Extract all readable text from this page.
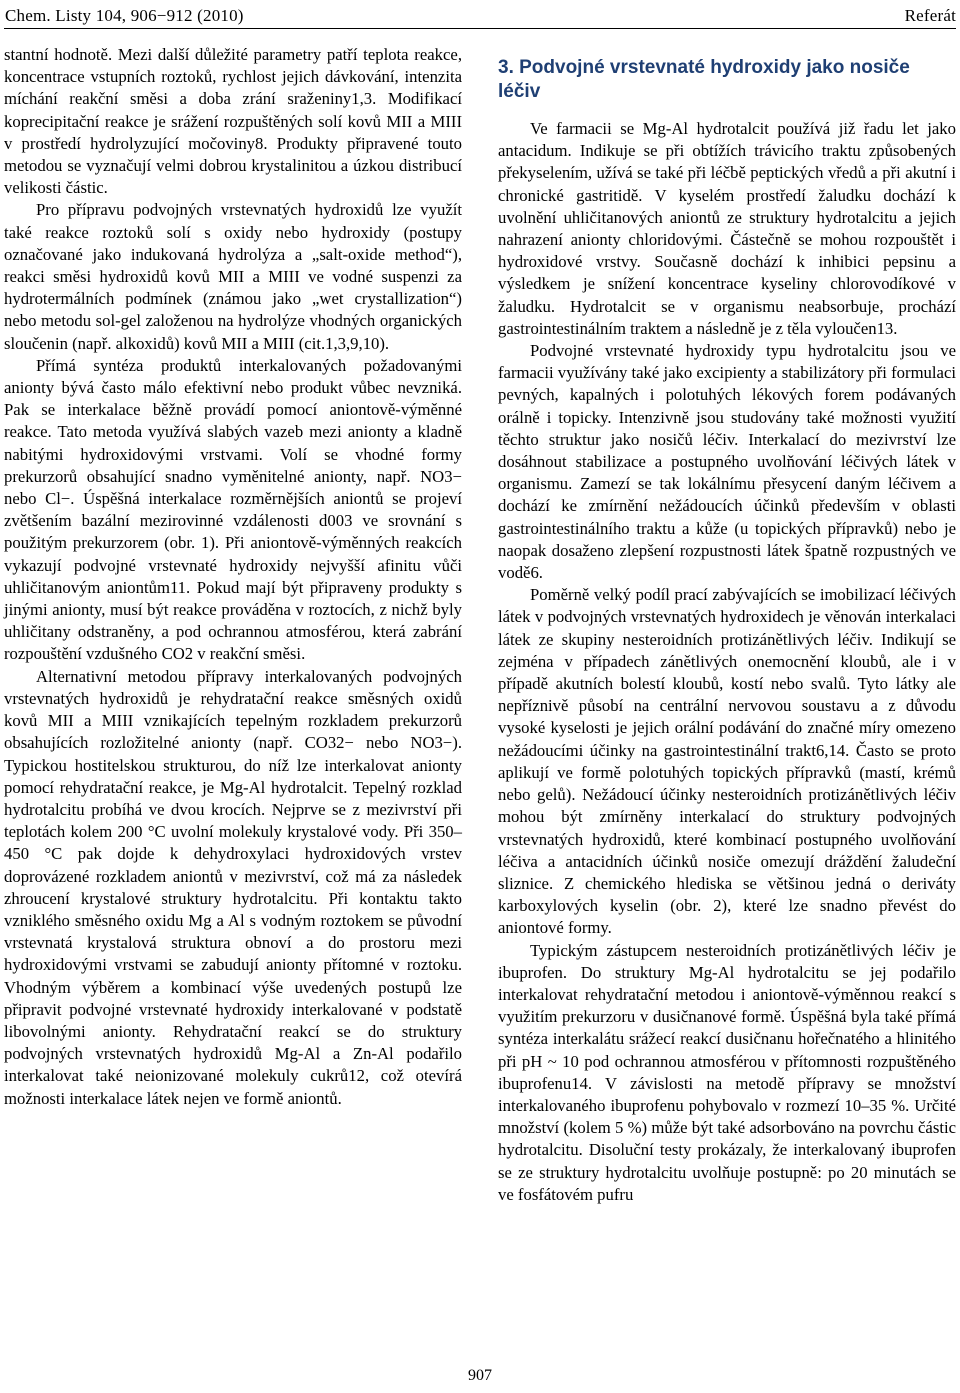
Chem. Listy 104, 906−912 (2010)	Referát

stantní hodnotě. Mezi další důležité parametry patří teplota reakce, koncentrace vstupních roztoků, rychlost jejich dávkování, intenzita míchání reakční směsi a doba zrání sraženiny1,3. Modifikací koprecipitační reakce je srážení rozpuštěných solí kovů MII a MIII v prostředí hydrolyzující močoviny8. Produkty připravené touto metodou se vyznačují velmi dobrou krystalinitou a úzkou distribucí velikosti částic.

Pro přípravu podvojných vrstevnatých hydroxidů lze využít také reakce roztoků solí s oxidy nebo hydroxidy (postupy označované jako indukovaná hydrolýza a „salt-oxide method“), reakci směsi hydroxidů kovů MII a MIII ve vodné suspenzi za hydrotermálních podmínek (známou jako „wet crystallization“) nebo metodu sol-gel založenou na hydrolýze vhodných organických sloučenin (např. alkoxidů) kovů MII a MIII (cit.1,3,9,10).

Přímá syntéza produktů interkalovaných požadovanými anionty bývá často málo efektivní nebo produkt vůbec nevzniká. Pak se interkalace běžně provádí pomocí aniontově-výměnné reakce. Tato metoda využívá slabých vazeb mezi anionty a kladně nabitými hydroxidovými vrstvami. Volí se vhodné formy prekurzorů obsahující snadno vyměnitelné anionty, např. NO3− nebo Cl−. Úspěšná interkalace rozměrnějších aniontů se projeví zvětšením bazální mezirovinné vzdálenosti d003 ve srovnání s použitým prekurzorem (obr. 1). Při aniontově-výměnných reakcích vykazují podvojné vrstevnaté hydroxidy nejvyšší afinitu vůči uhličitanovým aniontům11. Pokud mají být připraveny produkty s jinými anionty, musí být reakce prováděna v roztocích, z nichž byly uhličitany odstraněny, a pod ochrannou atmosférou, která zabrání rozpouštění vzdušného CO2 v reakční směsi.

Alternativní metodou přípravy interkalovaných podvojných vrstevnatých hydroxidů je rehydratační reakce směsných oxidů kovů MII a MIII vznikajících tepelným rozkladem prekurzorů obsahujících rozložitelné anionty (např. CO32− nebo NO3−). Typickou hostitelskou strukturou, do níž lze interkalovat anionty pomocí rehydratační reakce, je Mg-Al hydrotalcit. Tepelný rozklad hydrotalcitu probíhá ve dvou krocích. Nejprve se z mezivrství při teplotách kolem 200 °C uvolní molekuly krystalové vody. Při 350–450 °C pak dojde k dehydroxylaci hydroxidových vrstev doprovázené rozkladem aniontů v mezivrství, což má za následek zhroucení krystalové struktury hydrotalcitu. Při kontaktu takto vzniklého směsného oxidu Mg a Al s vodným roztokem se původní vrstevnatá krystalová struktura obnoví a do prostoru mezi hydroxidovými vrstvami se zabudují anionty přítomné v roztoku. Vhodným výběrem a kombinací výše uvedených postupů lze připravit podvojné vrstevnaté hydroxidy interkalované v podstatě libovolnými anionty. Rehydratační reakcí se do struktury podvojných vrstevnatých hydroxidů Mg-Al a Zn-Al podařilo interkalovat také neionizované molekuly cukrů12, což otevírá možnosti interkalace látek nejen ve formě aniontů.

3. Podvojné vrstevnaté hydroxidy jako nosiče léčiv

Ve farmacii se Mg-Al hydrotalcit používá již řadu let jako antacidum. Indikuje se při obtížích trávicího traktu způsobených překyselením, užívá se také při léčbě peptických vředů a při akutní i chronické gastritidě. V kyselém prostředí žaludku dochází k uvolnění uhličitanových aniontů ze struktury hydrotalcitu a jejich nahrazení anionty chloridovými. Částečně se mohou rozpouštět i hydroxidové vrstvy. Současně dochází k inhibici pepsinu a výsledkem je snížení koncentrace kyseliny chlorovodíkové v žaludku. Hydrotalcit se v organismu neabsorbuje, prochází gastrointestinálním traktem a následně je z těla vyloučen13.

Podvojné vrstevnaté hydroxidy typu hydrotalcitu jsou ve farmacii využívány také jako excipienty a stabilizátory při formulaci pevných, kapalných i polotuhých lékových forem podávaných orálně i topicky. Intenzivně jsou studovány také možnosti využití těchto struktur jako nosičů léčiv. Interkalací do mezivrství lze dosáhnout stabilizace a postupného uvolňování léčivých látek v organismu. Zamezí se tak lokálnímu přesycení daným léčivem a dochází ke zmírnění nežádoucích účinků především v oblasti gastrointestinálního traktu a kůže (u topických přípravků) nebo je naopak dosaženo zlepšení rozpustnosti látek špatně rozpustných ve vodě6.

Poměrně velký podíl prací zabývajících se imobilizací léčivých látek v podvojných vrstevnatých hydroxidech je věnován interkalaci látek ze skupiny nesteroidních protizánětlivých léčiv. Indikují se zejména v případech zánětlivých onemocnění kloubů, ale i v případě akutních bolestí kloubů, kostí nebo svalů. Tyto látky ale nepříznivě působí na centrální nervovou soustavu a z důvodu vysoké kyselosti je jejich orální podávání do značné míry omezeno nežádoucími účinky na gastrointestinální trakt6,14. Často se proto aplikují ve formě polotuhých topických přípravků (mastí, krémů nebo gelů). Nežádoucí účinky nesteroidních protizánětlivých léčiv mohou být zmírněny interkalací do struktury podvojných vrstevnatých hydroxidů, které kombinací postupného uvolňování léčiva a antacidních účinků nosiče omezují dráždění žaludeční sliznice. Z chemického hlediska se většinou jedná o deriváty karboxylových kyselin (obr. 2), které lze snadno převést do aniontové formy.

Typickým zástupcem nesteroidních protizánětlivých léčiv je ibuprofen. Do struktury Mg-Al hydrotalcitu se jej podařilo interkalovat rehydratační metodou i aniontově-výměnnou reakcí s využitím prekurzoru v dusičnanové formě. Úspěšná byla také přímá syntéza interkalátu srážecí reakcí dusičnanu hořečnatého a hlinitého při pH ~ 10 pod ochrannou atmosférou v přítomnosti rozpuštěného ibuprofenu14. V závislosti na metodě přípravy se množství interkalovaného ibuprofenu pohybovalo v rozmezí 10–35 %. Určité množství (kolem 5 %) může být také adsorbováno na povrchu částic hydrotalcitu. Disoluční testy prokázaly, že interkalovaný ibuprofen se ze struktury hydrotalcitu uvolňuje postupně: po 20 minutách se ve fosfátovém pufru

907
